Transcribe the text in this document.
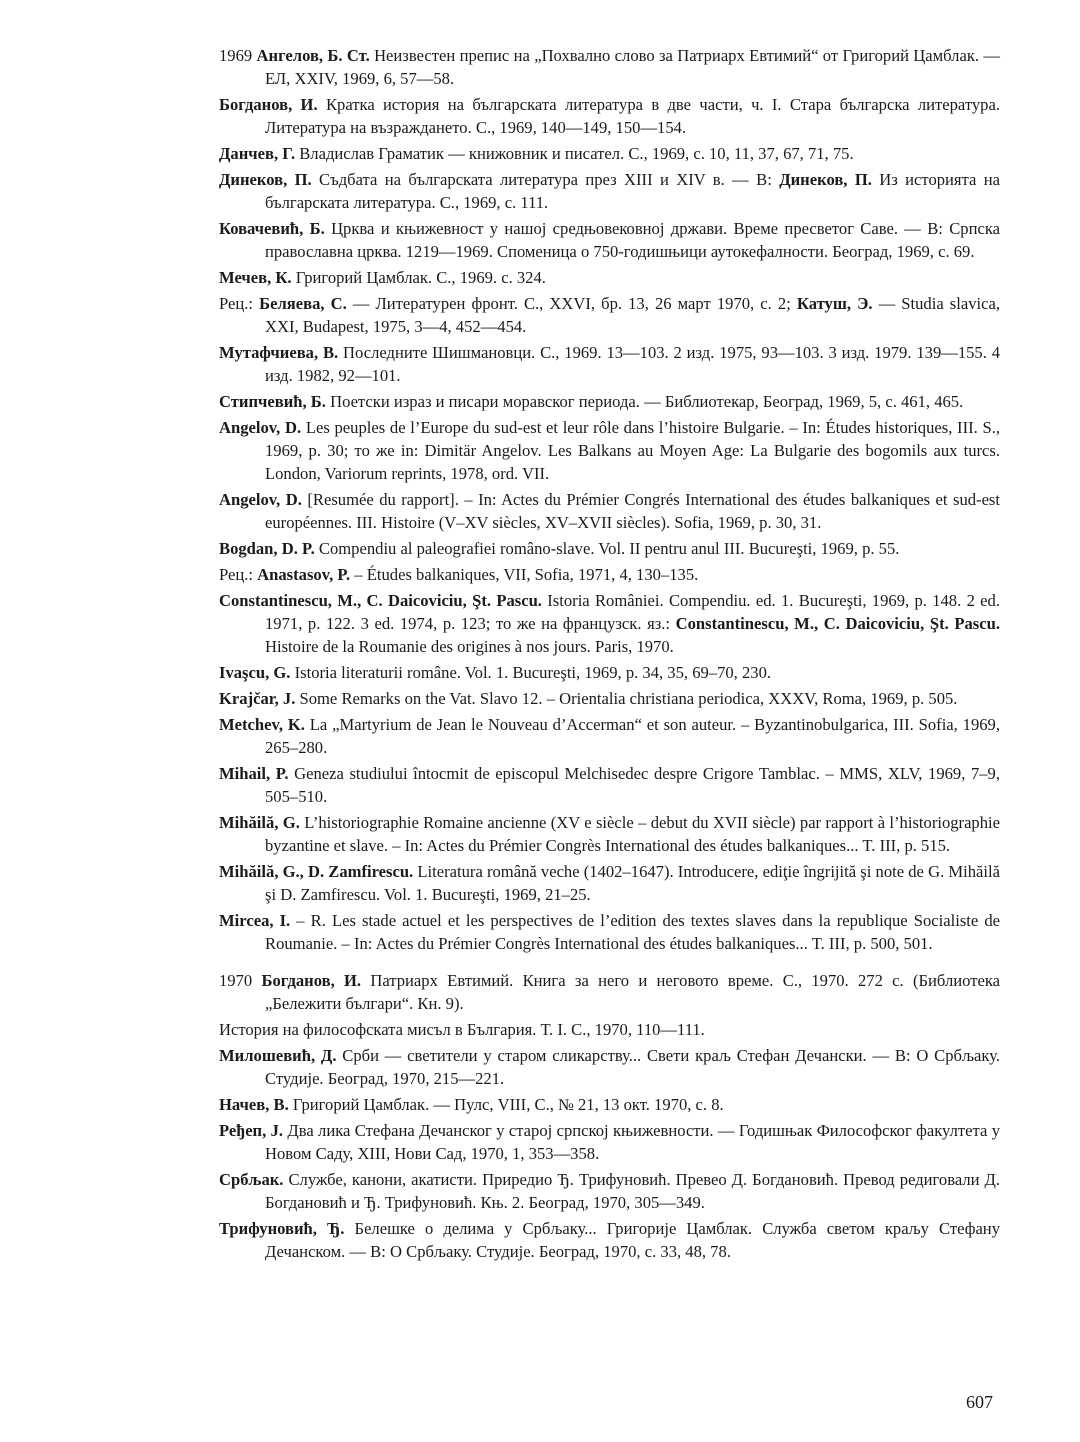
1969 Ангелов, Б. Ст. Неизвестен препис на „Похвално слово за Патриарх Евтимий“ от Григорий Цамблак. — ЕЛ, XXIV, 1969, 6, 57—58.

Богданов, И. Кратка история на българската литература в две части, ч. I. Стара българска литература. Литература на възраждането. С., 1969, 140—149, 150—154.

Данчев, Г. Владислав Граматик — книжовник и писател. С., 1969, с. 10, 11, 37, 67, 71, 75.

Динеков, П. Съдбата на българската литература през XIII и XIV в. — В: Динеков, П. Из историята на българската литература. С., 1969, с. 111.

Ковачевић, Б. Црква и књижевност у нашој средњовековној држави. Време пресветог Саве. — В: Српска православна црква. 1219—1969. Споменица о 750-годишњици аутокефалности. Београд, 1969, с. 69.

Мечев, К. Григорий Цамблак. С., 1969. с. 324.

Рец.: Беляева, С. — Литературен фронт. С., XXVI, бр. 13, 26 март 1970, с. 2; Катуш, Э. — Studia slavica, XXI, Budapest, 1975, 3—4, 452—454.

Мутафчиева, В. Последните Шишмановци. С., 1969. 13—103. 2 изд. 1975, 93—103. 3 изд. 1979. 139—155. 4 изд. 1982, 92—101.

Стипчевић, Б. Поетски израз и писари моравског периода. — Библиотекар, Београд, 1969, 5, с. 461, 465.

Angelov, D. Les peuples de l’Europe du sud-est et leur rôle dans l’histoire Bulgarie. – In: Études historiques, III. S., 1969, p. 30; то же in: Dimitär Angelov. Les Balkans au Moyen Age: La Bulgarie des bogomils aux turcs. London, Variorum reprints, 1978, ord. VII.

Angelov, D. [Resumée du rapport]. – In: Actes du Prémier Congrés International des études balkaniques et sud-est européennes. III. Histoire (V–XV siècles, XV–XVII siècles). Sofia, 1969, p. 30, 31.

Bogdan, D. P. Compendiu al paleografiei româno-slave. Vol. II pentru anul III. Bucureşti, 1969, p. 55.

Рец.: Anastasov, P. – Études balkaniques, VII, Sofia, 1971, 4, 130–135.

Constantinescu, M., C. Daicoviciu, Şt. Pascu. Istoria României. Compendiu. ed. 1. Bucureşti, 1969, p. 148. 2 ed. 1971, p. 122. 3 ed. 1974, p. 123; то же на французск. яз.: Constantinescu, M., C. Daicoviciu, Şt. Pascu. Histoire de la Roumanie des origines à nos jours. Paris, 1970.

Ivaşcu, G. Istoria literaturii române. Vol. 1. Bucureşti, 1969, p. 34, 35, 69–70, 230.

Krajčar, J. Some Remarks on the Vat. Slavo 12. – Orientalia christiana periodica, XXXV, Roma, 1969, p. 505.

Metchev, K. La „Martyrium de Jean le Nouveau d’Accerman“ et son auteur. – Byzantinobulgarica, III. Sofia, 1969, 265–280.

Mihail, P. Geneza studiului întocmit de episcopul Melchisedec despre Crigore Tamblac. – MMS, XLV, 1969, 7–9, 505–510.

Mihăilă, G. L’historiographie Romaine ancienne (XV e siècle – debut du XVII siècle) par rapport à l’historiographie byzantine et slave. – In: Actes du Prémier Congrès International des études balkaniques... T. III, p. 515.

Mihăilă, G., D. Zamfirescu. Literatura română veche (1402–1647). Introducere, ediţie îngrijită şi note de G. Mihăilă şi D. Zamfirescu. Vol. 1. Bucureşti, 1969, 21–25.

Mircea, I. – R. Les stade actuel et les perspectives de l’edition des textes slaves dans la republique Socialiste de Roumanie. – In: Actes du Prémier Congrès International des études balkaniques... T. III, p. 500, 501.

1970 Богданов, И. Патриарх Евтимий. Книга за него и неговото време. С., 1970. 272 с. (Библиотека „Бележити българи“. Кн. 9).

История на философската мисъл в България. Т. I. С., 1970, 110—111.

Милошевић, Д. Срби — светители у старом сликарству... Свети краљ Стефан Дечански. — В: О Србљаку. Студије. Београд, 1970, 215—221.

Начев, В. Григорий Цамблак. — Пулс, VIII, С., № 21, 13 окт. 1970, с. 8.

Ређеп, J. Два лика Стефана Дечанског у старој српској књижевности. — Годишњак Философског факултета у Новом Саду, XIII, Нови Сад, 1970, 1, 353—358.

Србљак. Службе, канони, акатисти. Приредио Ђ. Трифуновић. Превео Д. Богдановић. Превод редиговали Д. Богдановић и Ђ. Трифуновић. Књ. 2. Београд, 1970, 305—349.

Трифуновић, Ђ. Белешке о делима у Србљаку... Григорије Цамблак. Служба светом краљу Стефану Дечанском. — В: О Србљаку. Студије. Београд, 1970, с. 33, 48, 78.

607
